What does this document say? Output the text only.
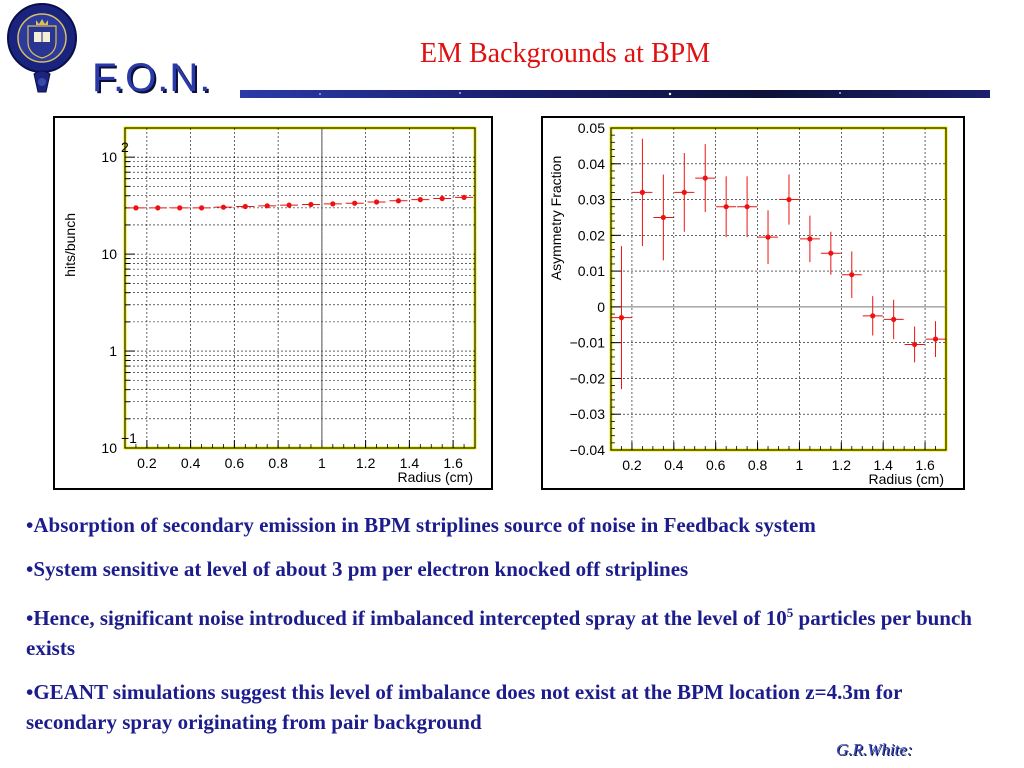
F.O.N.
EM Backgrounds at BPM
10
−1
1
10
10
2
0.2 0.4 0.6 0.8 1 1.2 1.4 1.6
hits/bunch
Radius (cm)
0.05
0.04
0.03
0.02
0.01
0
−0.01
−0.02
−0.03
−0.04
0.2 0.4 0.6 0.8 1 1.2 1.4 1.6
Asymmetry Fraction
Radius (cm)
•Absorption of secondary emission in BPM striplines source of noise in Feedback system
•System sensitive at level of about 3 pm per electron knocked off striplines
•Hence, significant noise introduced if imbalanced intercepted spray at the level of $10^5$ particles per bunch exists
•GEANT simulations suggest this level of imbalance does not exist at the BPM location z=4.3m for secondary spray originating from pair background
G.R.White:
